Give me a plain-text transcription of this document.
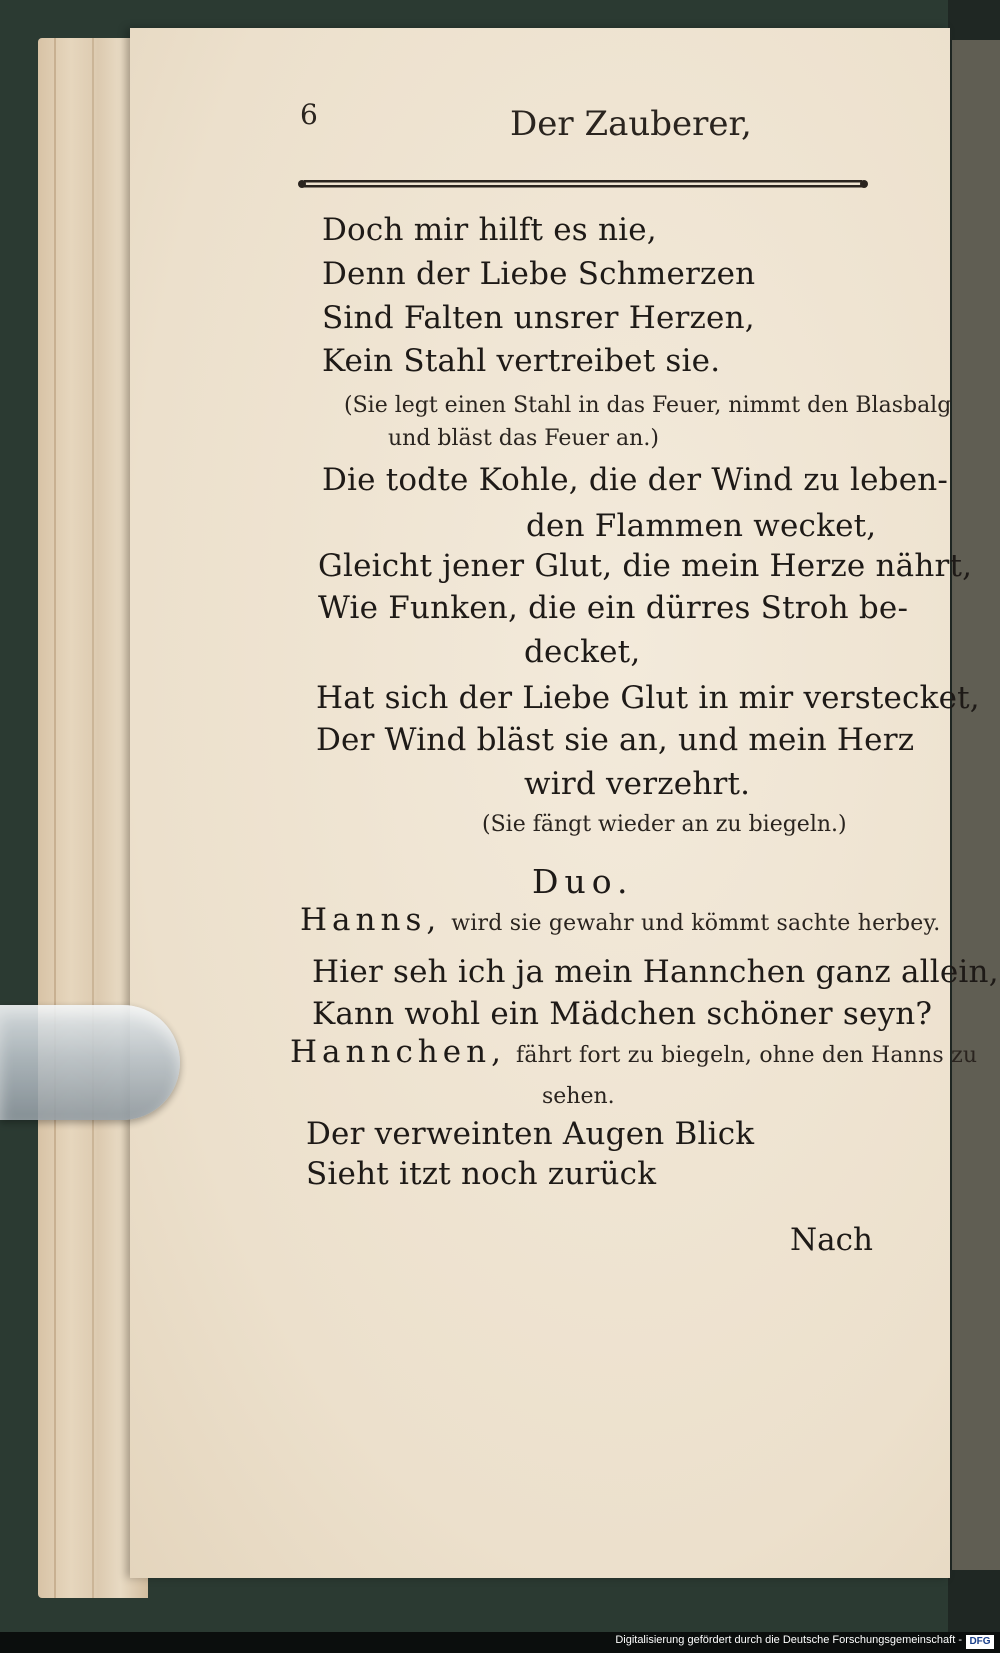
6	Der Zauberer,
Doch mir hilft es nie,
Denn der Liebe Schmerzen
Sind Falten unsrer Herzen,
Kein Stahl vertreibet sie.
(Sie legt einen Stahl in das Feuer, nimmt den Blasbalg
und bläst das Feuer an.)
Die todte Kohle, die der Wind zu leben-
den Flammen wecket,
Gleicht jener Glut, die mein Herze nährt,
Wie Funken, die ein dürres Stroh be-
decket,
Hat sich der Liebe Glut in mir verstecket,
Der Wind bläst sie an, und mein Herz
wird verzehrt.
(Sie fängt wieder an zu biegeln.)
Duo.
Hanns, wird sie gewahr und kömmt sachte herbey.
Hier seh ich ja mein Hannchen ganz allein,
Kann wohl ein Mädchen schöner seyn?
Hannchen, fährt fort zu biegeln, ohne den Hanns zu
sehen.
Der verweinten Augen Blick
Sieht itzt noch zurück
Nach
Digitalisierung gefördert durch die Deutsche Forschungsgemeinschaft - DFG
